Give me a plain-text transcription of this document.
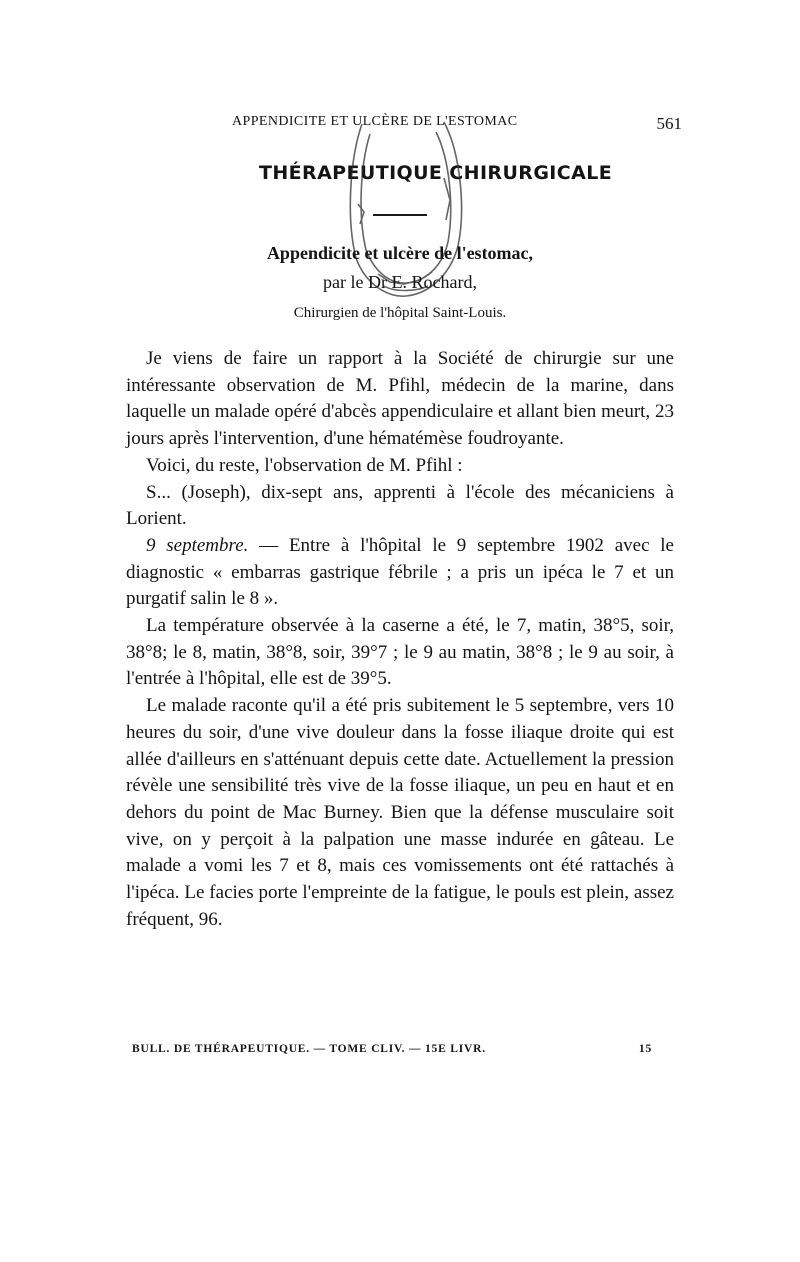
APPENDICITE ET ULCÈRE DE L'ESTOMAC	561
THÉRAPEUTIQUE CHIRURGICALE
Appendicite et ulcère de l'estomac,
par le Dr E. Rochard,
Chirurgien de l'hôpital Saint-Louis.

Je viens de faire un rapport à la Société de chirurgie sur une intéressante observation de M. Pfihl, médecin de la marine, dans laquelle un malade opéré d'abcès appendiculaire et allant bien meurt, 23 jours après l'intervention, d'une hématémèse foudroyante.

Voici, du reste, l'observation de M. Pfihl :

S... (Joseph), dix-sept ans, apprenti à l'école des mécaniciens à Lorient.

9 septembre. — Entre à l'hôpital le 9 septembre 1902 avec le diagnostic « embarras gastrique fébrile ; a pris un ipéca le 7 et un purgatif salin le 8 ».

La température observée à la caserne a été, le 7, matin, 38°5, soir, 38°8; le 8, matin, 38°8, soir, 39°7 ; le 9 au matin, 38°8 ; le 9 au soir, à l'entrée à l'hôpital, elle est de 39°5.

Le malade raconte qu'il a été pris subitement le 5 septembre, vers 10 heures du soir, d'une vive douleur dans la fosse iliaque droite qui est allée d'ailleurs en s'atténuant depuis cette date. Actuellement la pression révèle une sensibilité très vive de la fosse iliaque, un peu en haut et en dehors du point de Mac Burney. Bien que la défense musculaire soit vive, on y perçoit à la palpation une masse indurée en gâteau. Le malade a vomi les 7 et 8, mais ces vomissements ont été rattachés à l'ipéca. Le facies porte l'empreinte de la fatigue, le pouls est plein, assez fréquent, 96.

BULL. DE THÉRAPEUTIQUE. — TOME CLIV. — 15E LIVR.	15
